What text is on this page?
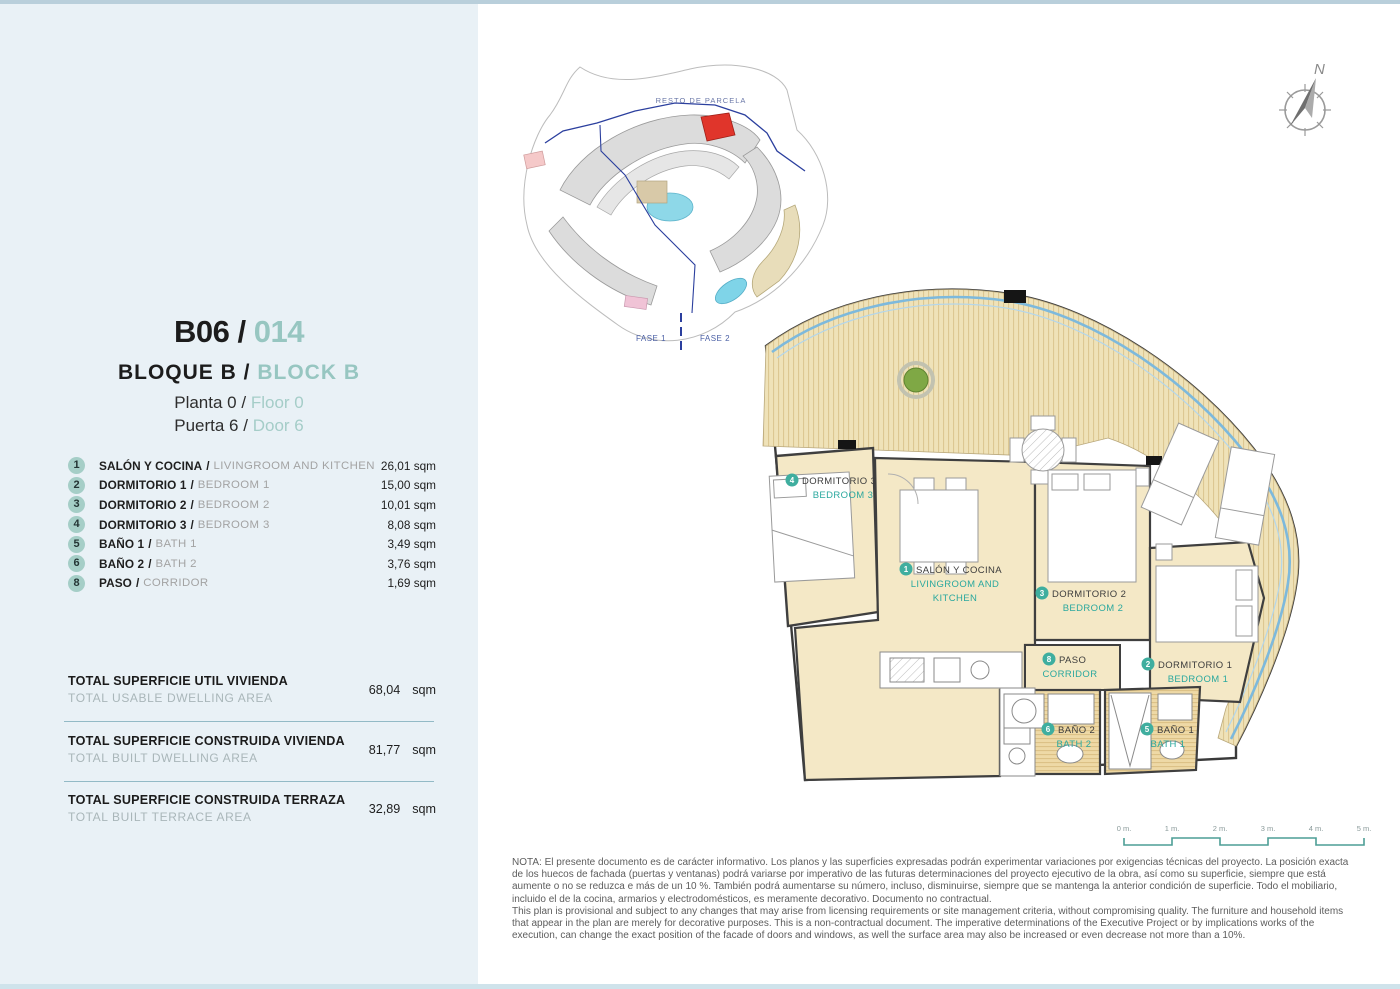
B06 / 014
BLOQUE B / BLOCK B
Planta 0 / Floor 0
Puerta 6 / Door 6
1	SALÓN Y COCINA / LIVINGROOM AND KITCHEN 26,01 sqm
2	DORMITORIO 1 / BEDROOM 1	15,00 sqm
3	DORMITORIO 2 / BEDROOM 2	10,01 sqm
4	DORMITORIO 3 / BEDROOM 3	8,08 sqm
5	BAÑO 1 / BATH 1	3,49 sqm
6	BAÑO 2 / BATH 2	3,76 sqm
8	PASO / CORRIDOR	1,69 sqm
TOTAL SUPERFICIE UTIL VIVIENDA
TOTAL USABLE DWELLING AREA
68,04 sqm
TOTAL SUPERFICIE CONSTRUIDA VIVIENDA
TOTAL BUILT DWELLING AREA
81,77 sqm
TOTAL SUPERFICIE CONSTRUIDA TERRAZA
TOTAL BUILT TERRACE AREA
32,89 sqm
RESTO DE PARCELA
FASE 1	FASE 2
N
4 DORMITORIO 3
BEDROOM 3
1 SALÓN Y COCINA
LIVINGROOM AND
KITCHEN	3 DORMITORIO 2
BEDROOM 2
2 DORMITORIO 1
BEDROOM 1
8 PASO
CORRIDOR
6 BAÑO 2
BATH 2
5 BAÑO 1
BATH 1
0 m.	1 m.	2 m.	3 m.	4 m.	5 m.

NOTA: El presente documento es de carácter informativo. Los planos y las superficies expresadas podrán experimentar variaciones por exigencias técnicas del proyecto. La posición exacta de los huecos de fachada (puertas y ventanas) podrá variarse por imperativo de las futuras determinaciones del proyecto ejecutivo de la obra, así como su superficie, siempre que está aumente o no se reduzca e más de un 10 %. También podrá aumentarse su número, incluso, disminuirse, siempre que se mantenga la anterior condición de superficie. Todo el mobiliario, incluido el de la cocina, armarios y electrodomésticos, es meramente decorativo. Documento no contractual.

This plan is provisional and subject to any changes that may arise from licensing requirements or site management criteria, without compromising quality. The furniture and household items that appear in the plan are merely for decorative purposes. This is a non-contractual document. The imperative determinations of the Executive Project or by implications works of the execution, can change the exact position of the facade of doors and windows, as well the surface area may also be increased or even decrease not more than a 10%.
